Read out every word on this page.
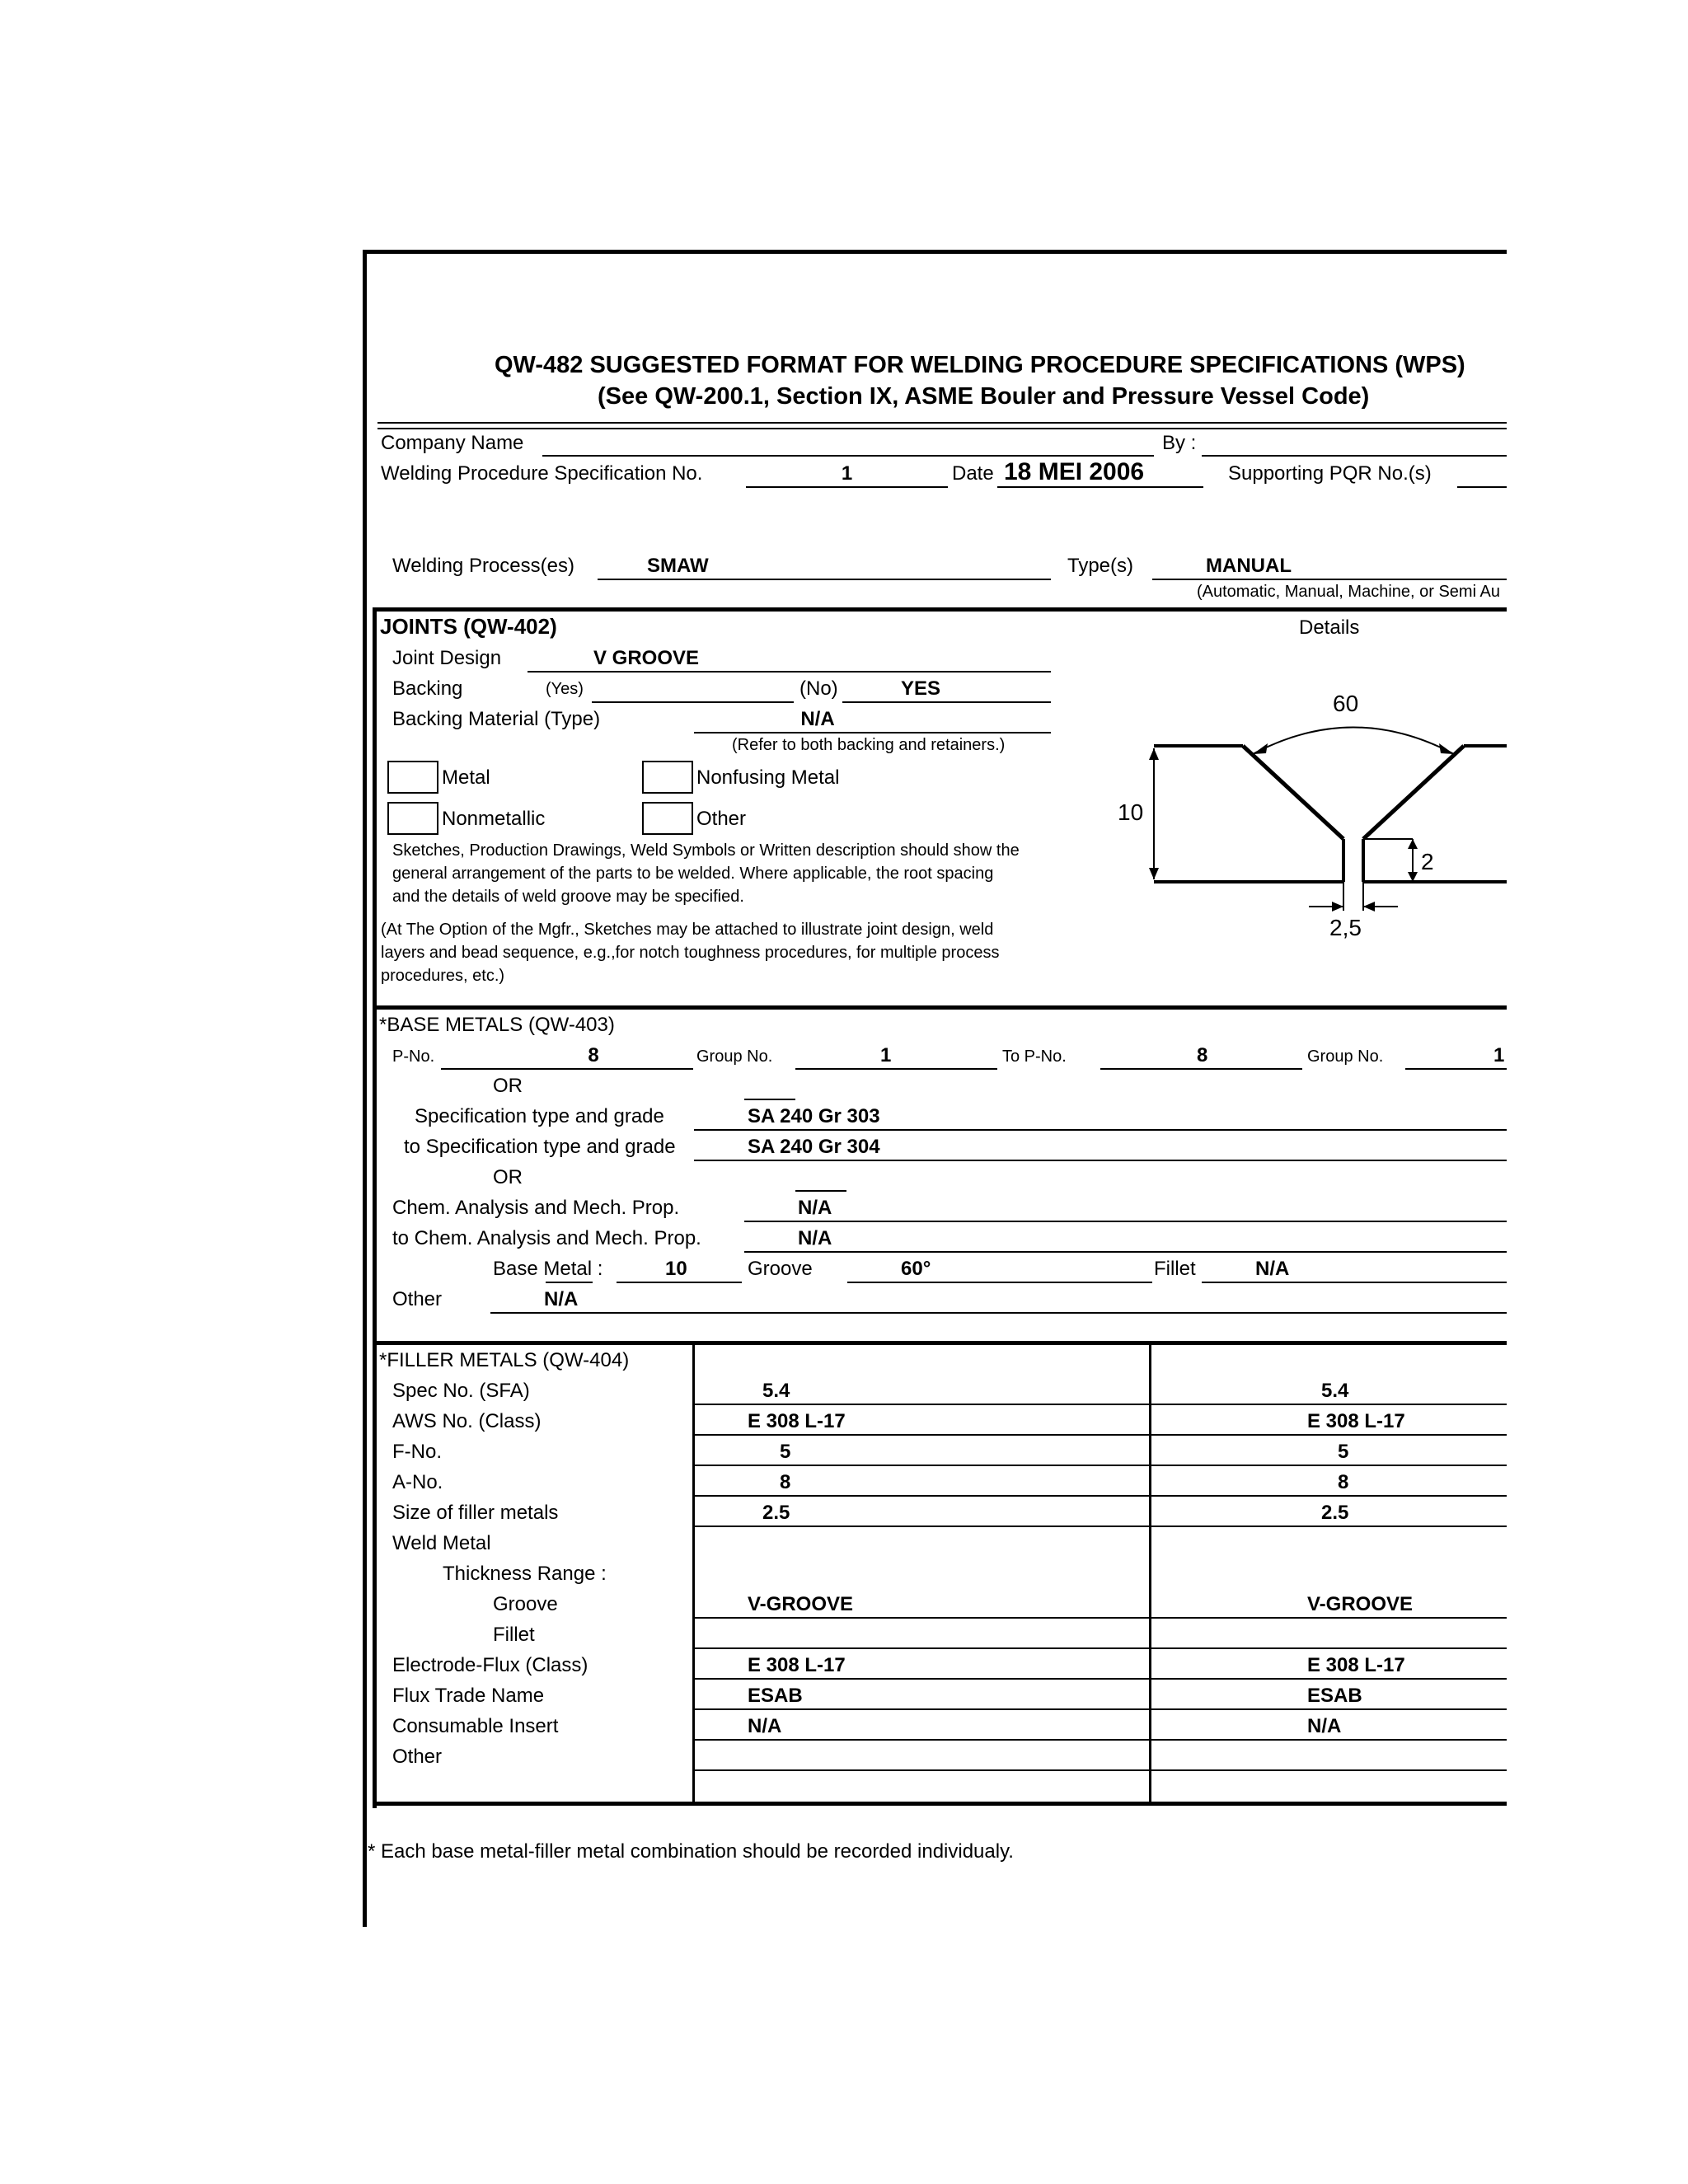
QW-482 SUGGESTED FORMAT FOR WELDING PROCEDURE SPECIFICATIONS (WPS)
(See QW-200.1, Section IX, ASME Bouler and Pressure Vessel Code)
Company Name	By :
Welding Procedure Specification No.	1	Date 18 MEI 2006	Supporting PQR No.(s)
Welding Process(es)	SMAW	Type(s)	MANUAL
(Automatic, Manual, Machine, or Semi Au
JOINTS (QW-402)	Details
Joint Design	V GROOVE
Backing	(Yes)	(No)	YES
Backing Material (Type)	N/A
(Refer to both backing and retainers.)
Metal	Nonfusing Metal
Nonmetallic	Other
Sketches, Production Drawings, Weld Symbols or Written description should show the
general arrangement of the parts to be welded. Where applicable, the root spacing
and the details of weld groove may be specified.
(At The Option of the Mgfr., Sketches may be attached to illustrate joint design, weld
layers and bead sequence, e.g.,for notch toughness procedures, for multiple process
procedures, etc.)
60
10
2
2,5
*BASE METALS (QW-403)
P-No.	8	Group No.	1	To P-No.	8	Group No.	1
OR
Specification type and grade	SA 240 Gr 303
to Specification type and grade	SA 240 Gr 304
OR
Chem. Analysis and Mech. Prop.	N/A
to Chem. Analysis and Mech. Prop.	N/A
Base Metal :	10	Groove	60°	Fillet	N/A
Other	N/A
*FILLER METALS (QW-404)
Spec No. (SFA)	5.4	5.4
AWS No. (Class)	E 308 L-17	E 308 L-17
F-No.	5	5
A-No.	8	8
Size of filler metals	2.5	2.5
Weld Metal
Thickness Range :
Groove	V-GROOVE	V-GROOVE
Fillet
Electrode-Flux (Class)	E 308 L-17	E 308 L-17
Flux Trade Name	ESAB	ESAB
Consumable Insert	N/A	N/A
Other
* Each base metal-filler metal combination should be recorded individualy.
